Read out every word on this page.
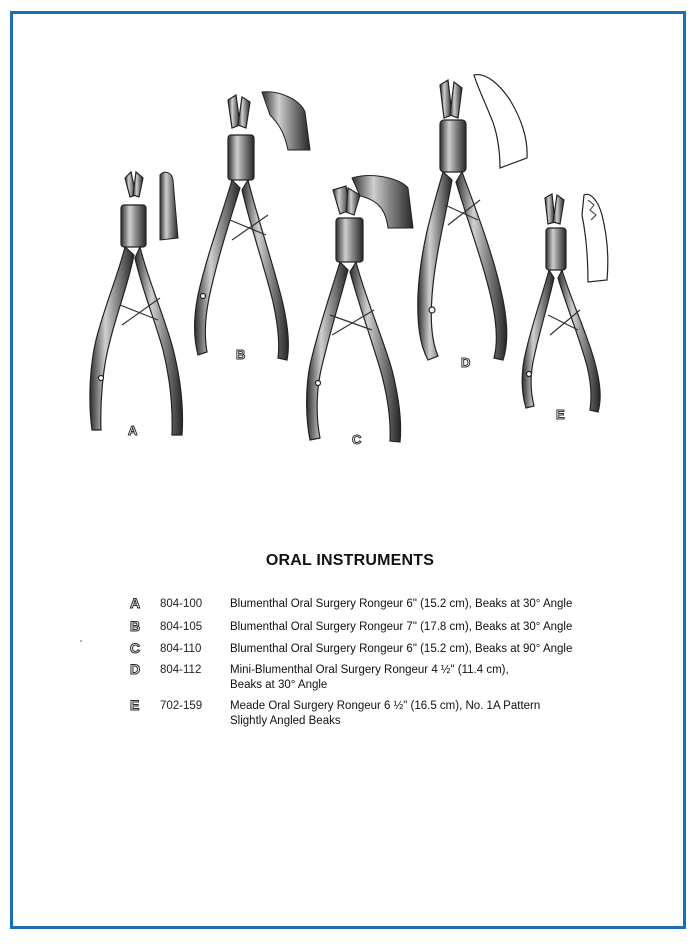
A
B
C
D
E
ORAL INSTRUMENTS
A 804-100 Blumenthal Oral Surgery Rongeur 6" (15.2 cm), Beaks at 30° Angle
B 804-105 Blumenthal Oral Surgery Rongeur 7" (17.8 cm), Beaks at 30° Angle
C 804-110 Blumenthal Oral Surgery Rongeur 6" (15.2 cm), Beaks at 90° Angle
D 804-112 Mini-Blumenthal Oral Surgery Rongeur 4 ½" (11.4 cm),
Beaks at 30° Angle
E 702-159 Meade Oral Surgery Rongeur 6 ½" (16.5 cm), No. 1A Pattern
Slightly Angled Beaks
